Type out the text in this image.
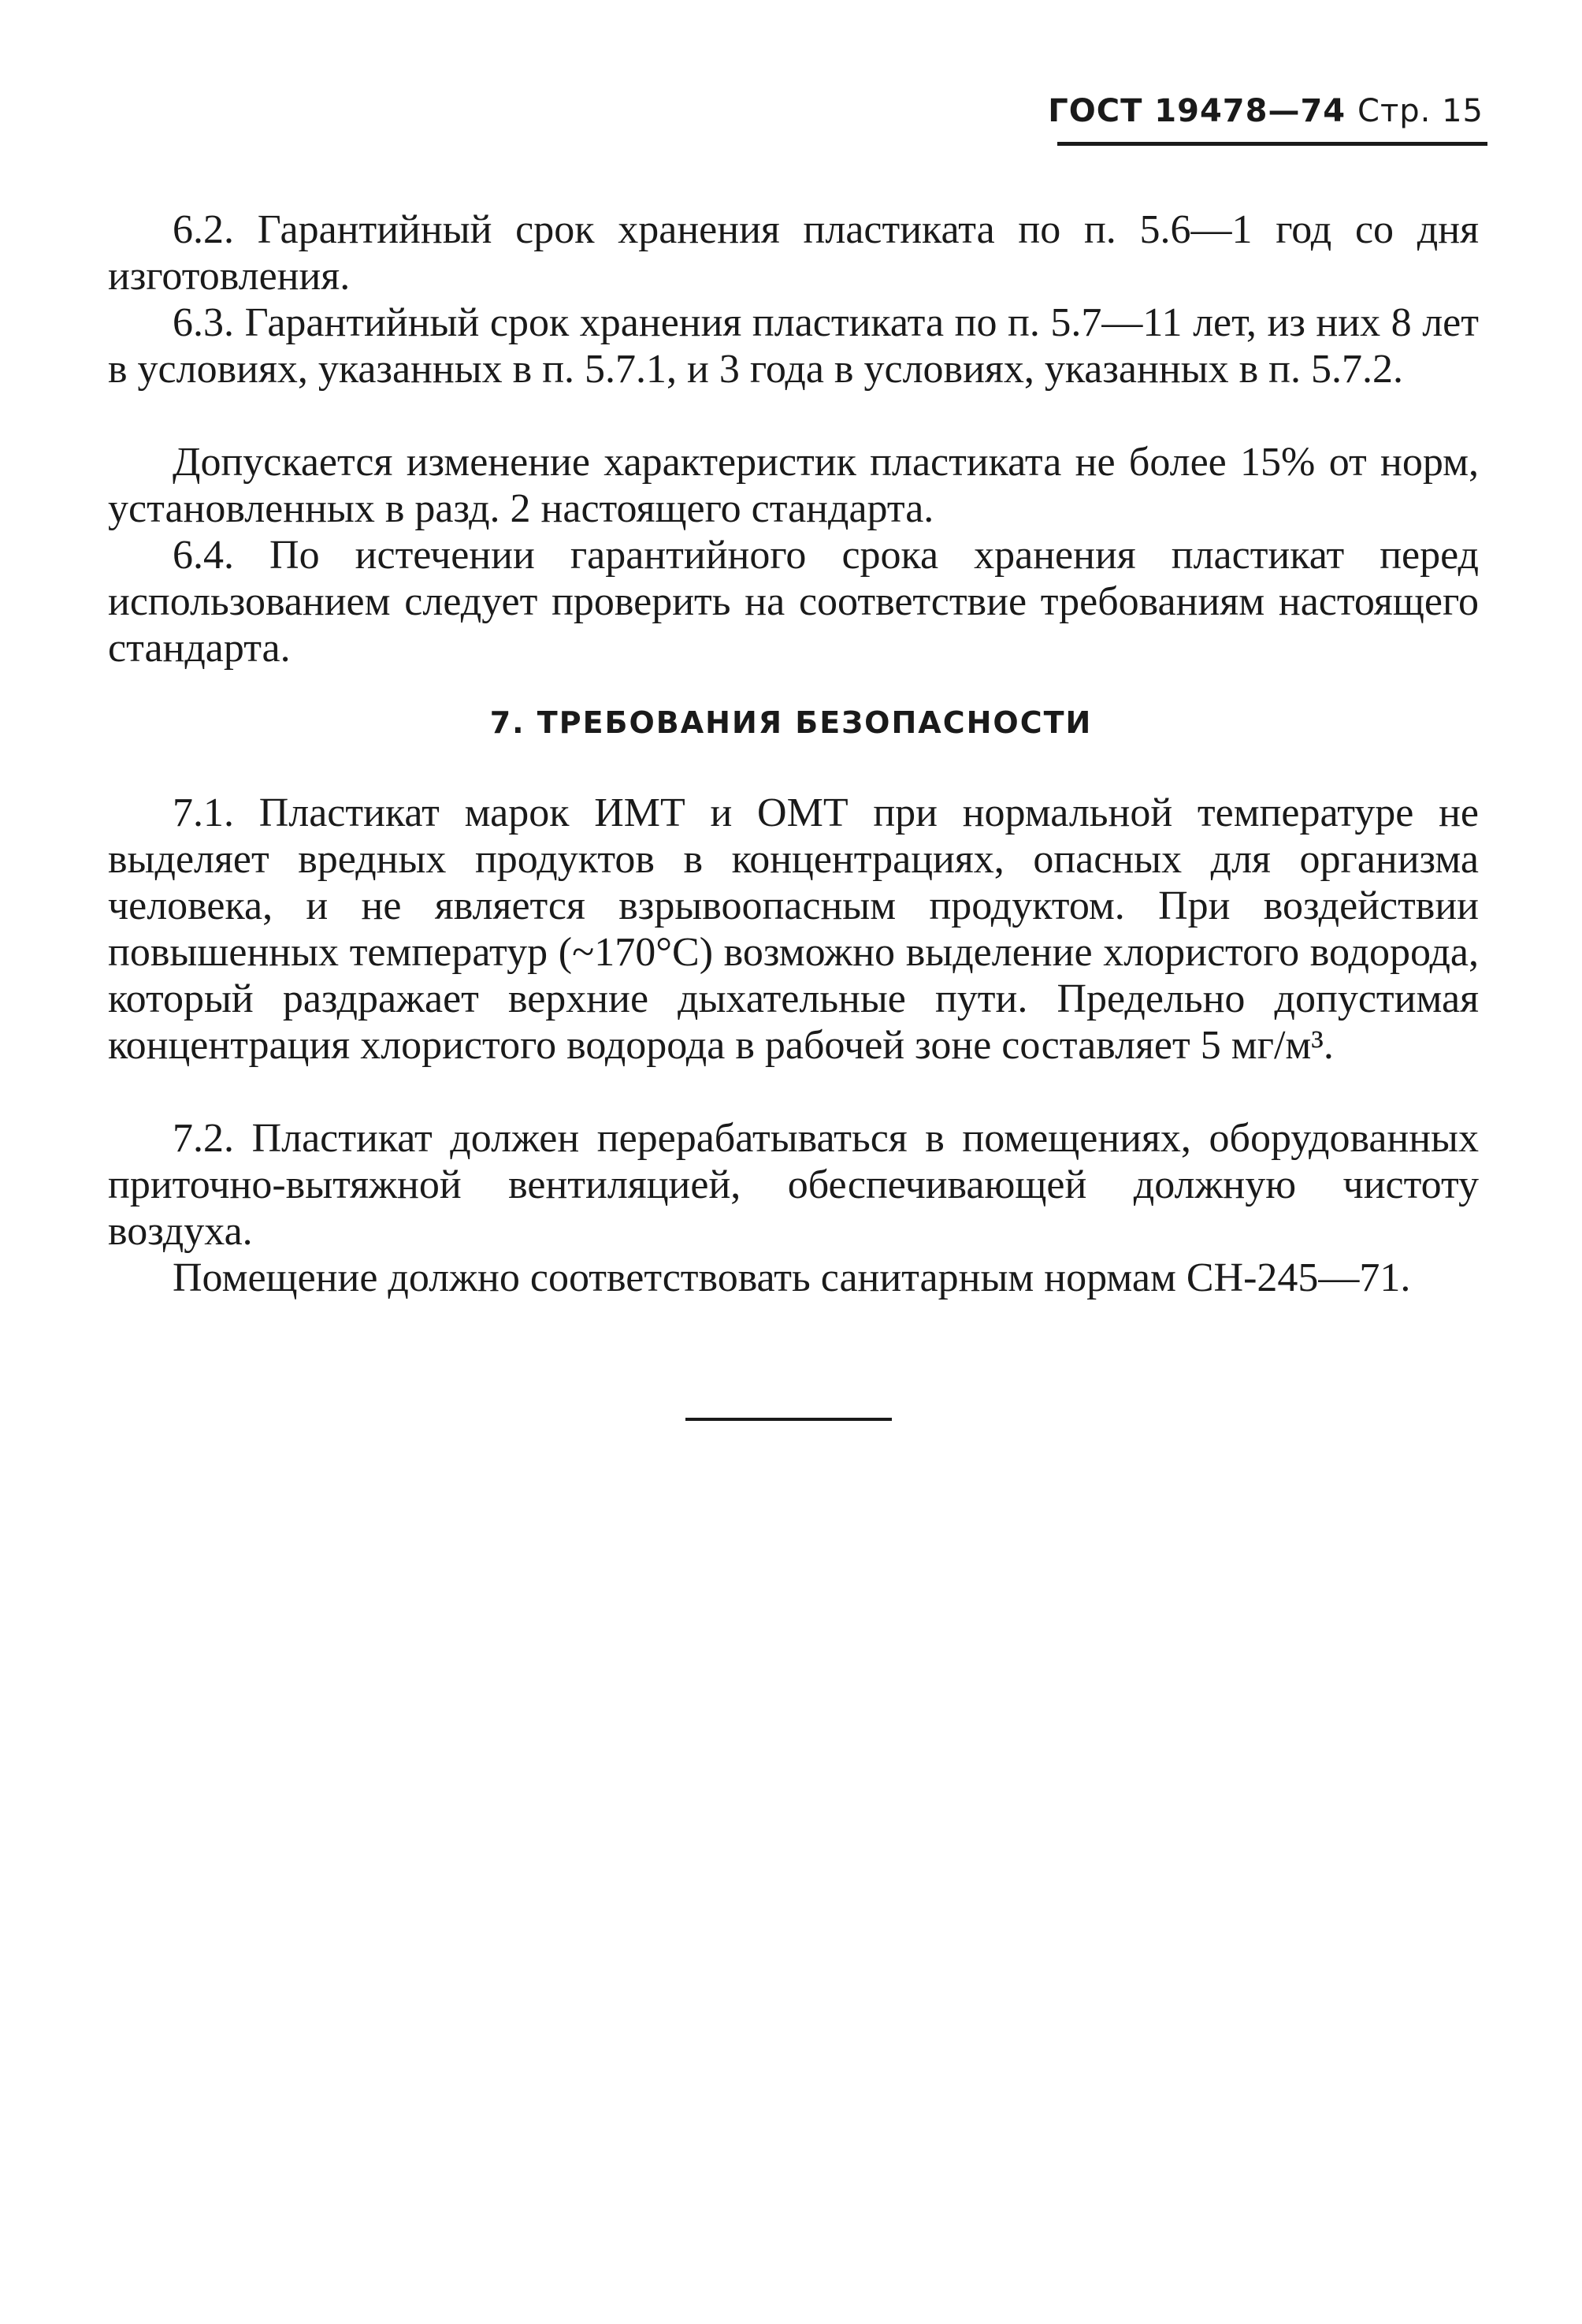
ГОСТ 19478—74 Стр. 15

6.2. Гарантийный срок хранения пластиката по п. 5.6—1 год со дня изготовления.

6.3. Гарантийный срок хранения пластиката по п. 5.7—11 лет, из них 8 лет в условиях, указанных в п. 5.7.1, и 3 года в условиях, указанных в п. 5.7.2.

Допускается изменение характеристик пластиката не более 15% от норм, установленных в разд. 2 настоящего стандарта.

6.4. По истечении гарантийного срока хранения пластикат перед использованием следует проверить на соответствие требованиям настоящего стандарта.

7. ТРЕБОВАНИЯ БЕЗОПАСНОСТИ

7.1. Пластикат марок ИМТ и ОМТ при нормальной температуре не выделяет вредных продуктов в концентрациях, опасных для организма человека, и не является взрывоопасным продуктом. При воздействии повышенных температур (~170°С) возможно выделение хлористого водорода, который раздражает верхние дыхательные пути. Предельно допустимая концентрация хлористого водорода в рабочей зоне составляет 5 мг/м³.

7.2. Пластикат должен перерабатываться в помещениях, оборудованных приточно-вытяжной вентиляцией, обеспечивающей должную чистоту воздуха.

Помещение должно соответствовать санитарным нормам СН-245—71.
